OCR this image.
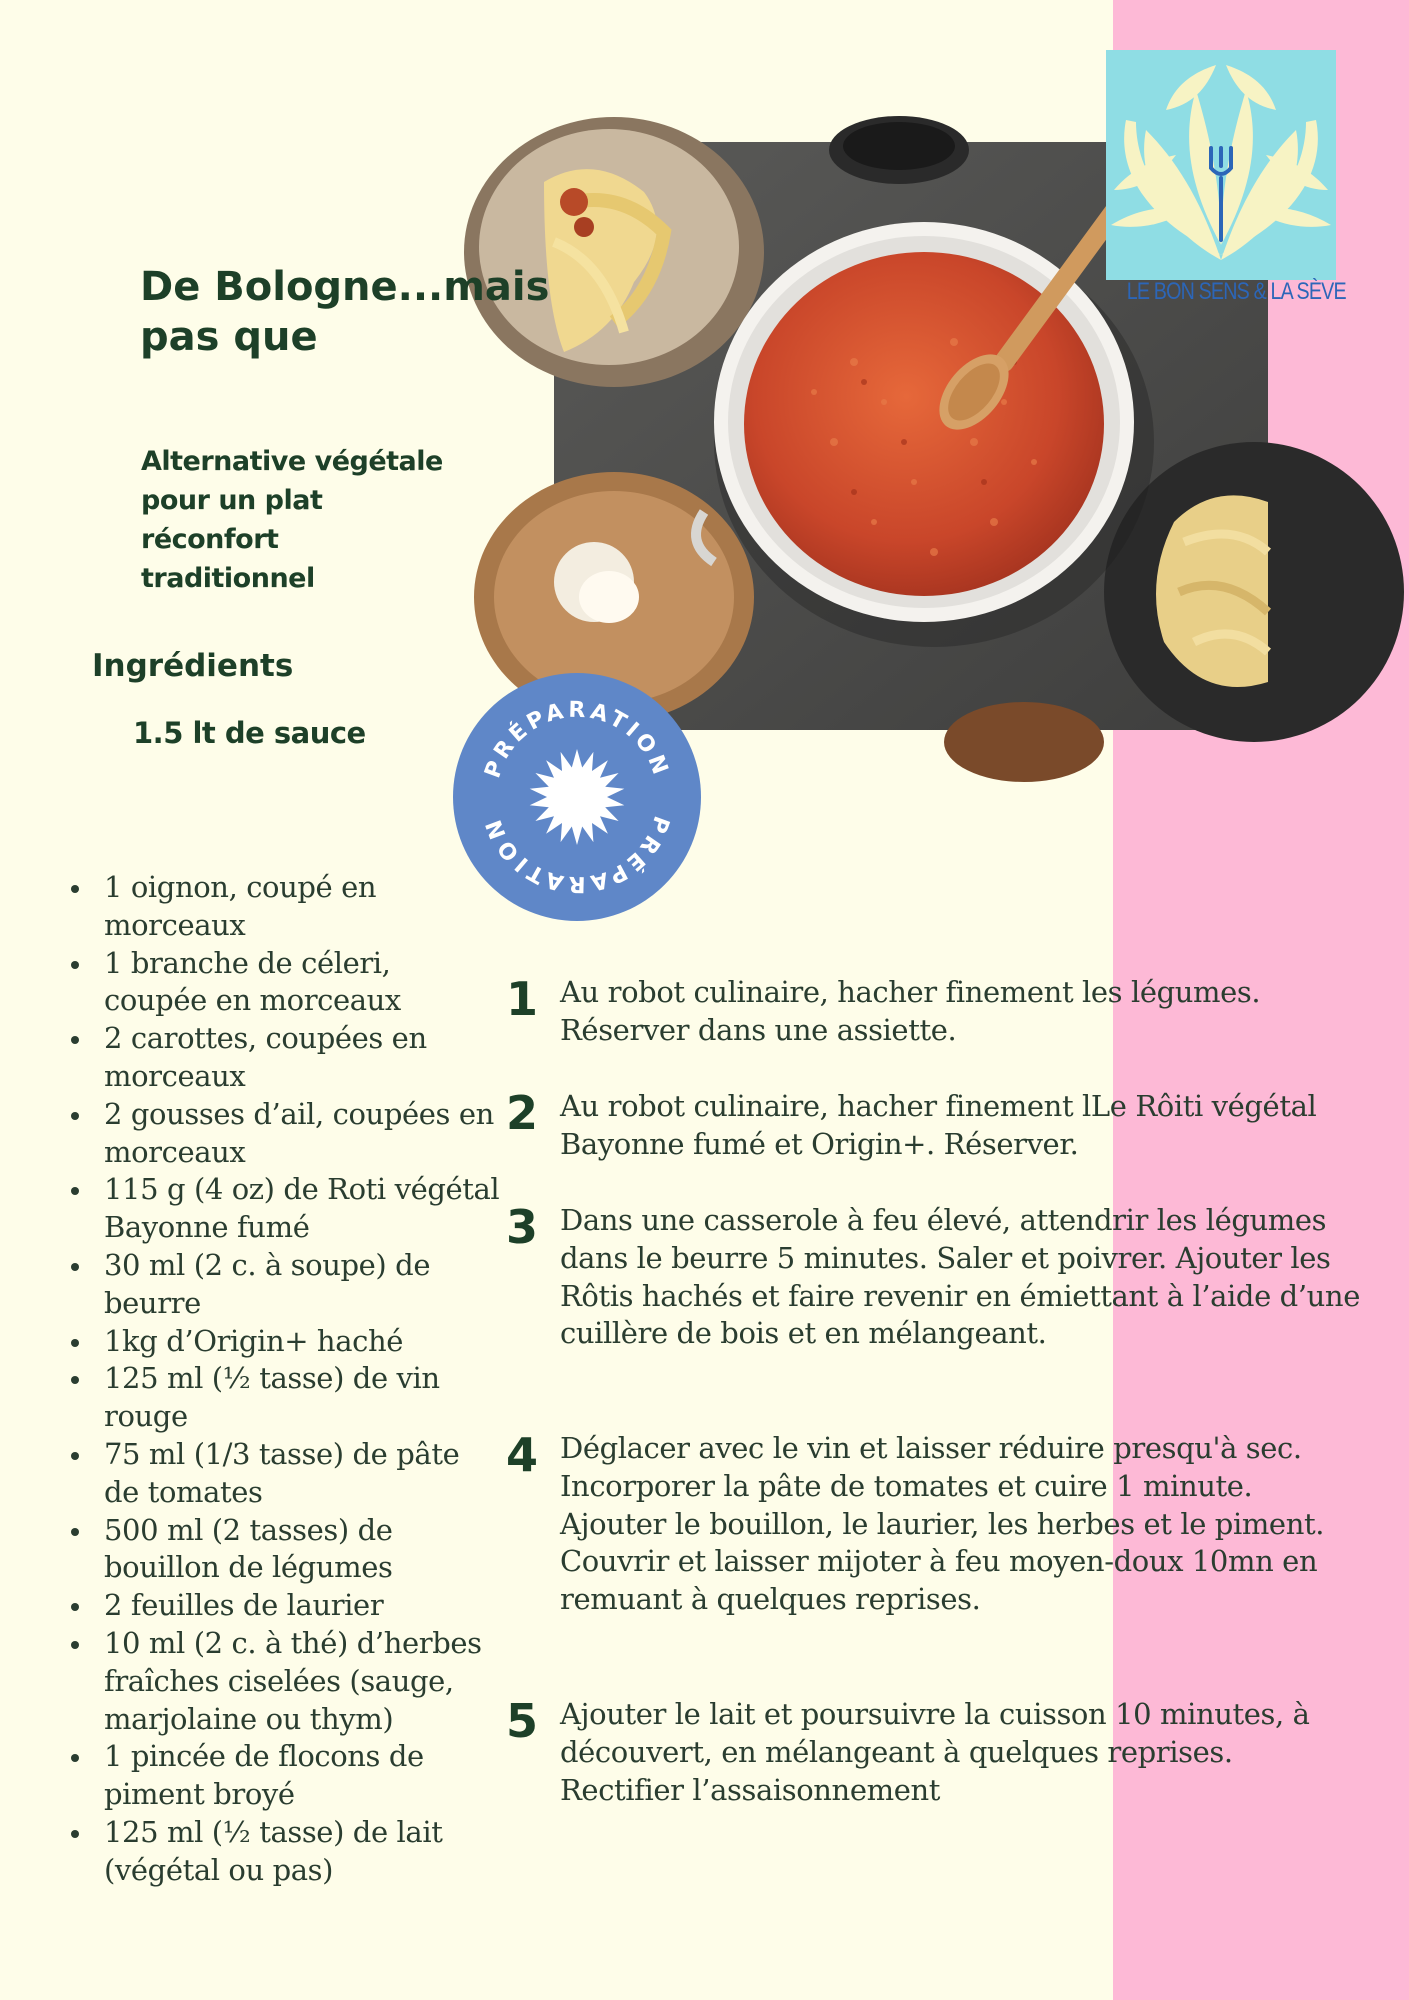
LE BON SENS & LA SÈVE
De Bologne...mais pas que
Alternative végétale pour un plat réconfort traditionnel
Ingrédients
1.5 lt de sauce
PRÉPARATION
PRÉPARATION
1 oignon, coupé en morceaux
1 branche de céleri, coupée en morceaux
2 carottes, coupées en morceaux
2 gousses d’ail, coupées en morceaux
115 g (4 oz) de Roti végétal Bayonne fumé
30 ml (2 c. à soupe) de beurre
1kg d’Origin+ haché
125 ml (½ tasse) de vin rouge
75 ml (1/3 tasse) de pâte de tomates
500 ml (2 tasses) de bouillon de légumes
2 feuilles de laurier
10 ml (2 c. à thé) d’herbes fraîches ciselées (sauge, marjolaine ou thym)
1 pincée de flocons de piment broyé
125 ml (½ tasse) de lait (végétal ou pas)
1 Au robot culinaire, hacher finement les légumes. Réserver dans une assiette.
2 Au robot culinaire, hacher finement lLe Rôiti végétal Bayonne fumé et Origin+. Réserver.
3 Dans une casserole à feu élevé, attendrir les légumes dans le beurre 5 minutes. Saler et poivrer. Ajouter les Rôtis hachés et faire revenir en émiettant à l’aide d’une cuillère de bois et en mélangeant.
4 Déglacer avec le vin et laisser réduire presqu'à sec. Incorporer la pâte de tomates et cuire 1 minute. Ajouter le bouillon, le laurier, les herbes et le piment. Couvrir et laisser mijoter à feu moyen-doux 10mn en remuant à quelques reprises.
5 Ajouter le lait et poursuivre la cuisson 10 minutes, à découvert, en mélangeant à quelques reprises. Rectifier l’assaisonnement
